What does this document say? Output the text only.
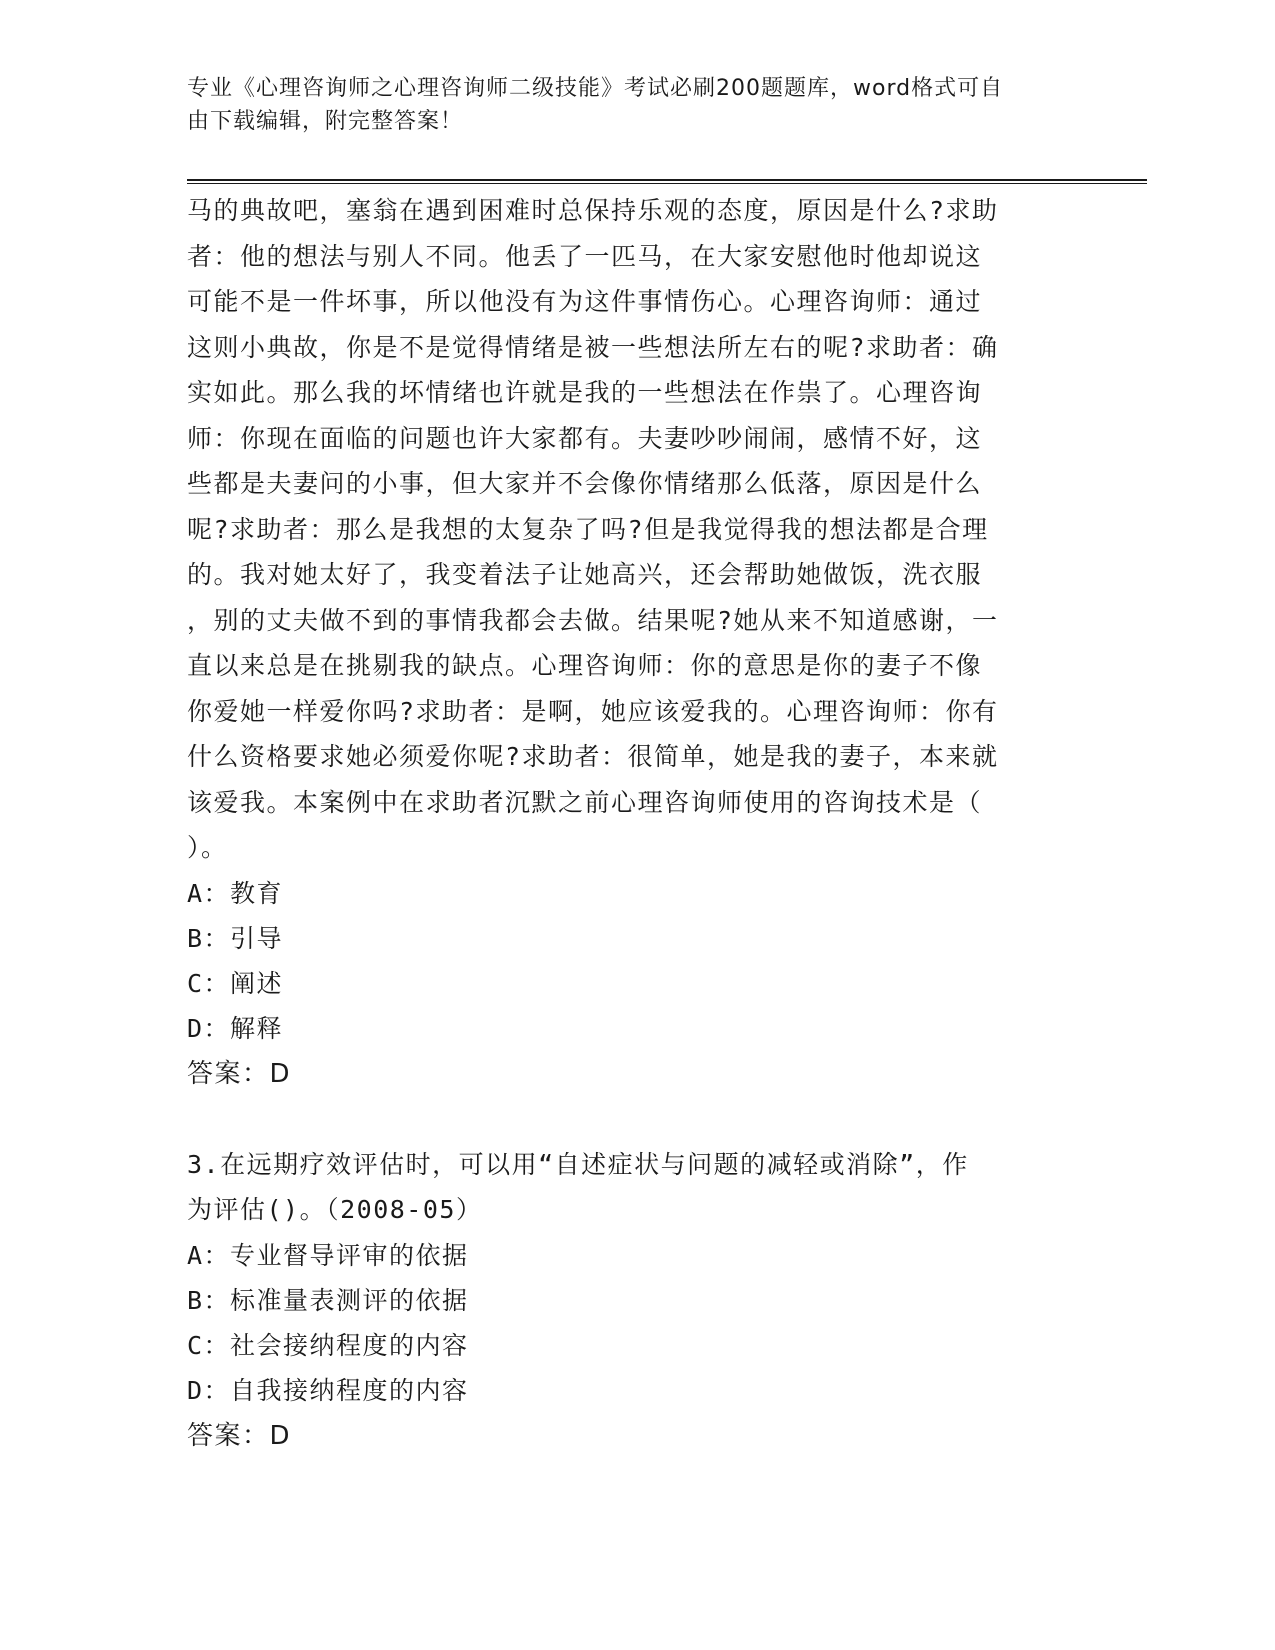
专业《心理咨询师之心理咨询师二级技能》考试必刷200题题库，word格式可自
由下载编辑，附完整答案！

马的典故吧，塞翁在遇到困难时总保持乐观的态度，原因是什么?求助

者：他的想法与别人不同。他丢了一匹马，在大家安慰他时他却说这

可能不是一件坏事，所以他没有为这件事情伤心。心理咨询师：通过

这则小典故，你是不是觉得情绪是被一些想法所左右的呢?求助者：确

实如此。那么我的坏情绪也许就是我的一些想法在作祟了。心理咨询

师：你现在面临的问题也许大家都有。夫妻吵吵闹闹，感情不好，这

些都是夫妻问的小事，但大家并不会像你情绪那么低落，原因是什么

呢?求助者：那么是我想的太复杂了吗?但是我觉得我的想法都是合理

的。我对她太好了，我变着法子让她高兴，还会帮助她做饭，洗衣服

，别的丈夫做不到的事情我都会去做。结果呢?她从来不知道感谢，一

直以来总是在挑剔我的缺点。心理咨询师：你的意思是你的妻子不像

你爱她一样爱你吗?求助者：是啊，她应该爱我的。心理咨询师：你有

什么资格要求她必须爱你呢?求助者：很简单，她是我的妻子，本来就

该爱我。本案例中在求助者沉默之前心理咨询师使用的咨询技术是（

）。

A：教育

B：引导

C：阐述

D：解释

答案：D

3.在远期疗效评估时，可以用“自述症状与问题的减轻或消除”，作

为评估()。（2008-05）

A：专业督导评审的依据

B：标准量表测评的依据

C：社会接纳程度的内容

D：自我接纳程度的内容

答案：D
